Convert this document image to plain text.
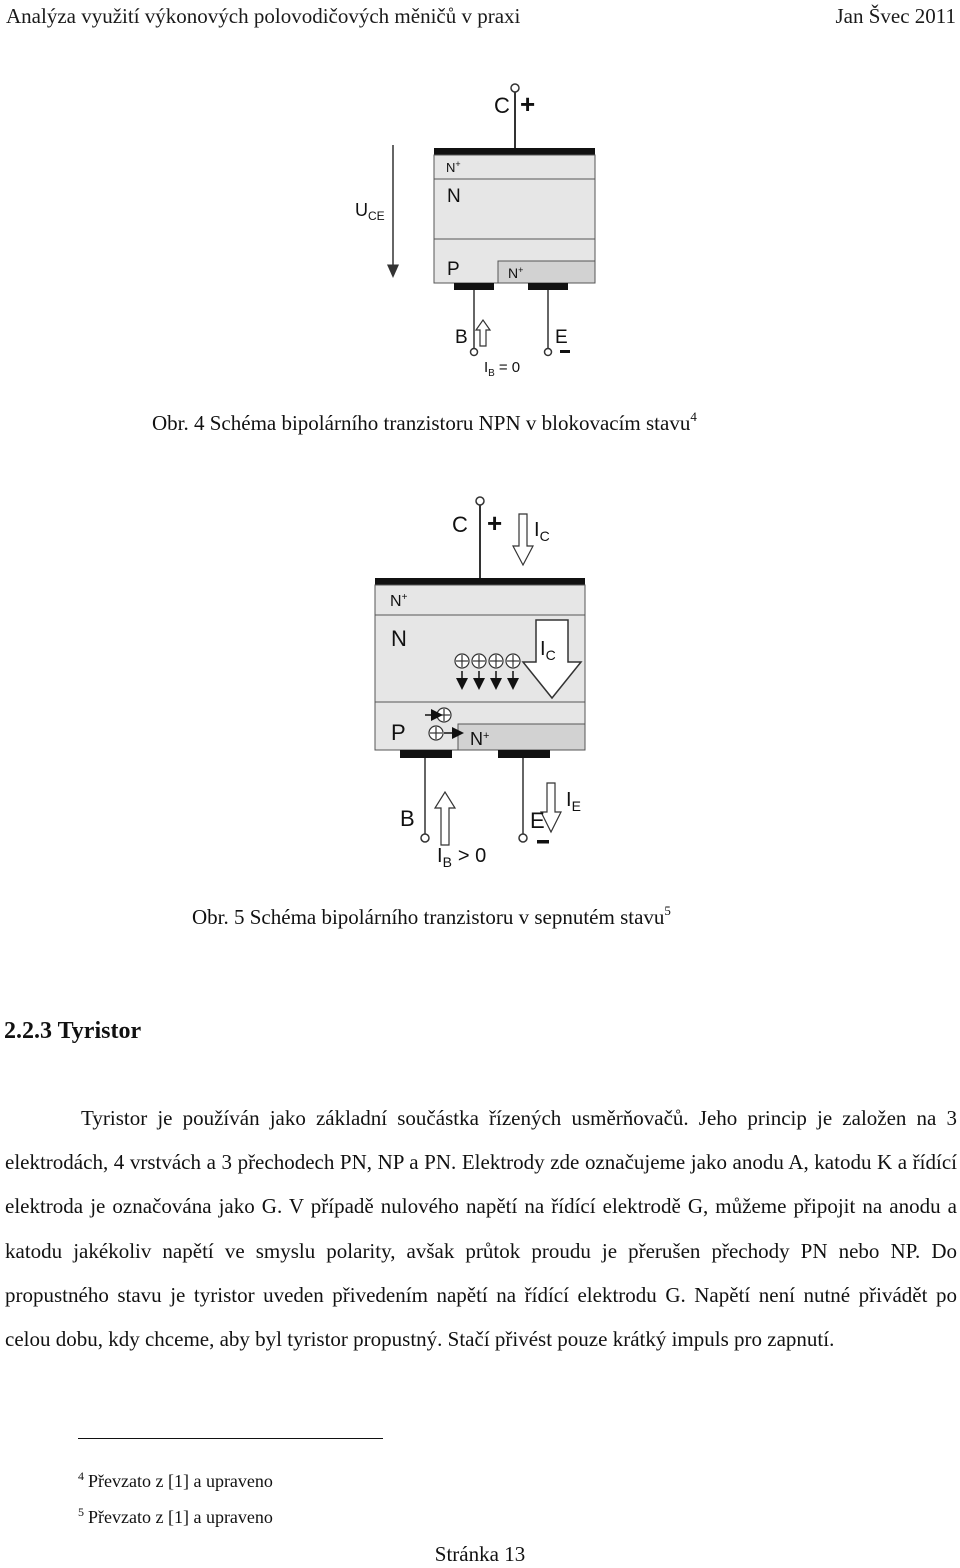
Analýza využití výkonových polovodičových měničů v praxi	Jan Švec 2011
C +
$U_{CE}$
N+
N
P	N+
B	E
$I_B = 0$
Obr. 4 Schéma bipolárního tranzistoru NPN v blokovacím stavu$^4$
$C + I_C$
N+
N
P	N+
$I_C$
B	E
$I_E$
$I_B > 0$
Obr. 5 Schéma bipolárního tranzistoru v sepnutém stavu$^5$
2.2.3 Tyristor
Tyristor je používán jako základní součástka řízených usměrňovačů. Jeho princip je založen na 3 elektrodách, 4 vrstvách a 3 přechodech PN, NP a PN. Elektrody zde označujeme jako anodu A, katodu K a řídící elektroda je označována jako G. V případě nulového napětí na řídící elektrodě G, můžeme připojit na anodu a katodu jakékoliv napětí ve smyslu polarity, avšak průtok proudu je přerušen přechody PN nebo NP. Do propustného stavu je tyristor uveden přivedením napětí na řídící elektrodu G. Napětí není nutné přivádět po celou dobu, kdy chceme, aby byl tyristor propustný. Stačí přivést pouze krátký impuls pro zapnutí.
$^4$ Převzato z [1] a upraveno
$^5$ Převzato z [1] a upraveno
Stránka 13
